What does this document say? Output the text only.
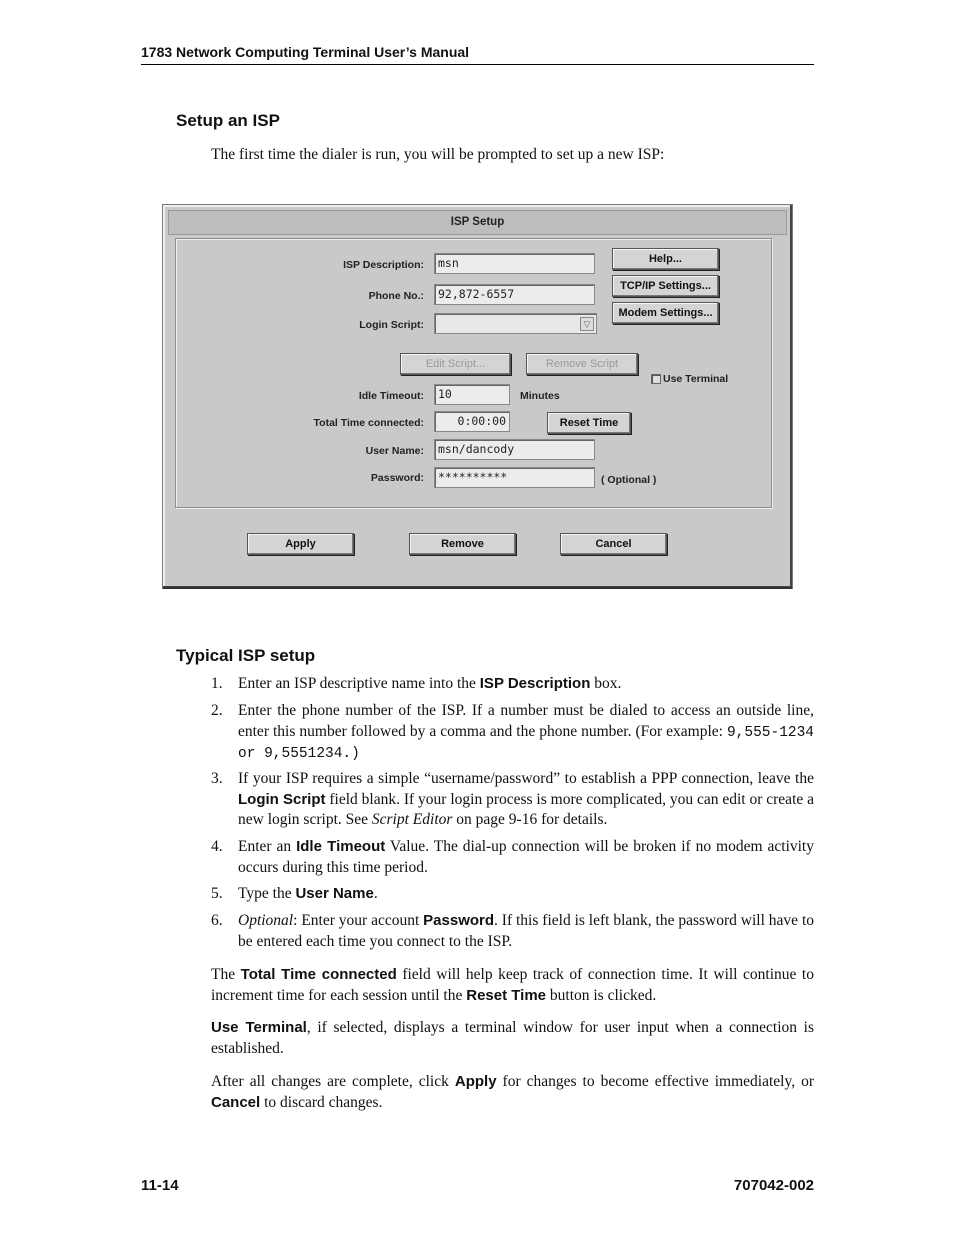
1783 Network Computing Terminal User’s Manual
Setup an ISP
The first time the dialer is run, you will be prompted to set up a new ISP:
ISP Setup
ISP Description:	msn
Phone No.:	92,872-6557
Login Script:	▽
Help...
TCP/IP Settings...
Modem Settings...
Edit Script...	Remove Script
Use Terminal
Idle Timeout:	10	Minutes
Total Time connected:	0:00:00	Reset Time
User Name:	msn/dancody
Password:	**********	( Optional )
Apply	Remove	Cancel
Typical ISP setup
1. Enter an ISP descriptive name into the ISP Description box.
2. Enter the phone number of the ISP. If a number must be dialed to access an outside line, enter this number followed by a comma and the phone number. (For example: 9,555-1234 or 9,5551234.)
3. If your ISP requires a simple “username/password” to establish a PPP connection, leave the Login Script field blank. If your login process is more complicated, you can edit or create a new login script. See Script Editor on page 9-16 for details.
4. Enter an Idle Timeout Value. The dial-up connection will be broken if no modem activity occurs during this time period.
5. Type the User Name.
6. Optional: Enter your account Password. If this field is left blank, the password will have to be entered each time you connect to the ISP.
The Total Time connected field will help keep track of connection time. It will continue to increment time for each session until the Reset Time button is clicked.
Use Terminal, if selected, displays a terminal window for user input when a connection is established.
After all changes are complete, click Apply for changes to become effective immediately, or Cancel to discard changes.
11-14	707042-002
